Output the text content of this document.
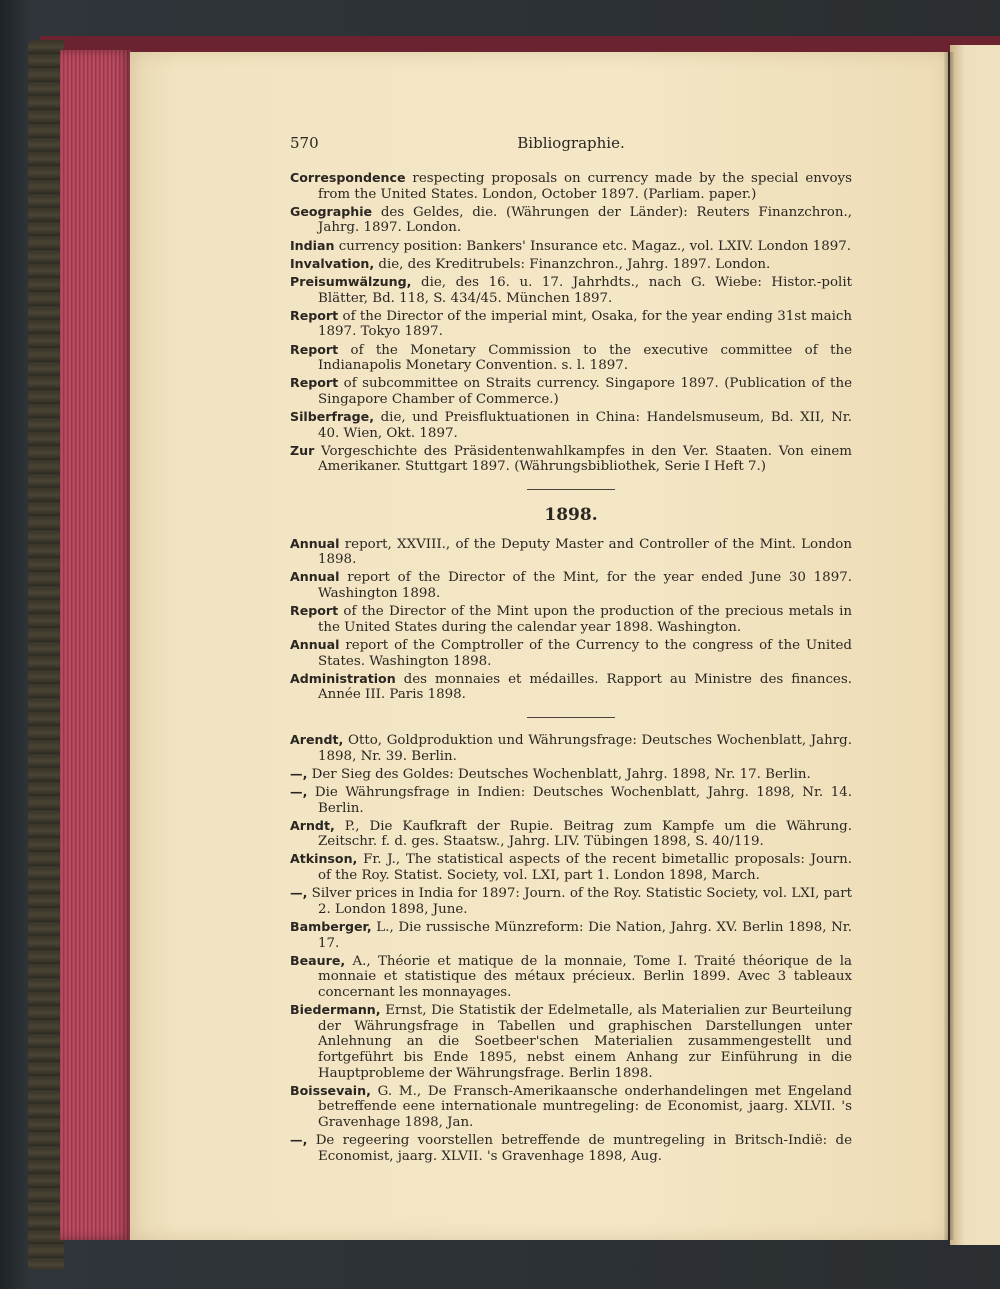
570	Bibliographie.

Correspondence respecting proposals on currency made by the special envoys from the United States. London, October 1897. (Parliam. paper.)

Geographie des Geldes, die. (Währungen der Länder): Reuters Finanzchron., Jahrg. 1897. London.

Indian currency position: Bankers' Insurance etc. Magaz., vol. LXIV. London 1897.

Invalvation, die, des Kreditrubels: Finanzchron., Jahrg. 1897. London.

Preisumwälzung, die, des 16. u. 17. Jahrhdts., nach G. Wiebe: Histor.-polit Blätter, Bd. 118, S. 434/45. München 1897.

Report of the Director of the imperial mint, Osaka, for the year ending 31st maich 1897. Tokyo 1897.

Report of the Monetary Commission to the executive committee of the Indianapolis Monetary Convention. s. l. 1897.

Report of subcommittee on Straits currency. Singapore 1897. (Publication of the Singapore Chamber of Commerce.)

Silberfrage, die, und Preisfluktuationen in China: Handelsmuseum, Bd. XII, Nr. 40. Wien, Okt. 1897.

Zur Vorgeschichte des Präsidentenwahlkampfes in den Ver. Staaten. Von einem Amerikaner. Stuttgart 1897. (Währungsbibliothek, Serie I Heft 7.)

1898.

Annual report, XXVIII., of the Deputy Master and Controller of the Mint. London 1898.

Annual report of the Director of the Mint, for the year ended June 30 1897. Washington 1898.

Report of the Director of the Mint upon the production of the precious metals in the United States during the calendar year 1898. Washington.

Annual report of the Comptroller of the Currency to the congress of the United States. Washington 1898.

Administration des monnaies et médailles. Rapport au Ministre des finances. Année III. Paris 1898.

Arendt, Otto, Goldproduktion und Währungsfrage: Deutsches Wochenblatt, Jahrg. 1898, Nr. 39. Berlin.

—, Der Sieg des Goldes: Deutsches Wochenblatt, Jahrg. 1898, Nr. 17. Berlin.

—, Die Währungsfrage in Indien: Deutsches Wochenblatt, Jahrg. 1898, Nr. 14. Berlin.

Arndt, P., Die Kaufkraft der Rupie. Beitrag zum Kampfe um die Währung. Zeitschr. f. d. ges. Staatsw., Jahrg. LIV. Tübingen 1898, S. 40/119.

Atkinson, Fr. J., The statistical aspects of the recent bimetallic proposals: Journ. of the Roy. Statist. Society, vol. LXI, part 1. London 1898, March.

—, Silver prices in India for 1897: Journ. of the Roy. Statistic Society, vol. LXI, part 2. London 1898, June.

Bamberger, L., Die russische Münzreform: Die Nation, Jahrg. XV. Berlin 1898, Nr. 17.

Beaure, A., Théorie et matique de la monnaie, Tome I. Traité théorique de la monnaie et statistique des métaux précieux. Berlin 1899. Avec 3 tableaux concernant les monnayages.

Biedermann, Ernst, Die Statistik der Edelmetalle, als Materialien zur Beurteilung der Währungsfrage in Tabellen und graphischen Darstellungen unter Anlehnung an die Soetbeer'schen Materialien zusammengestellt und fortgeführt bis Ende 1895, nebst einem Anhang zur Einführung in die Hauptprobleme der Währungsfrage. Berlin 1898.

Boissevain, G. M., De Fransch-Amerikaansche onderhandelingen met Engeland betreffende eene internationale muntregeling: de Economist, jaarg. XLVII. 's Gravenhage 1898, Jan.

—, De regeering voorstellen betreffende de muntregeling in Britsch-Indië: de Economist, jaarg. XLVII. 's Gravenhage 1898, Aug.
